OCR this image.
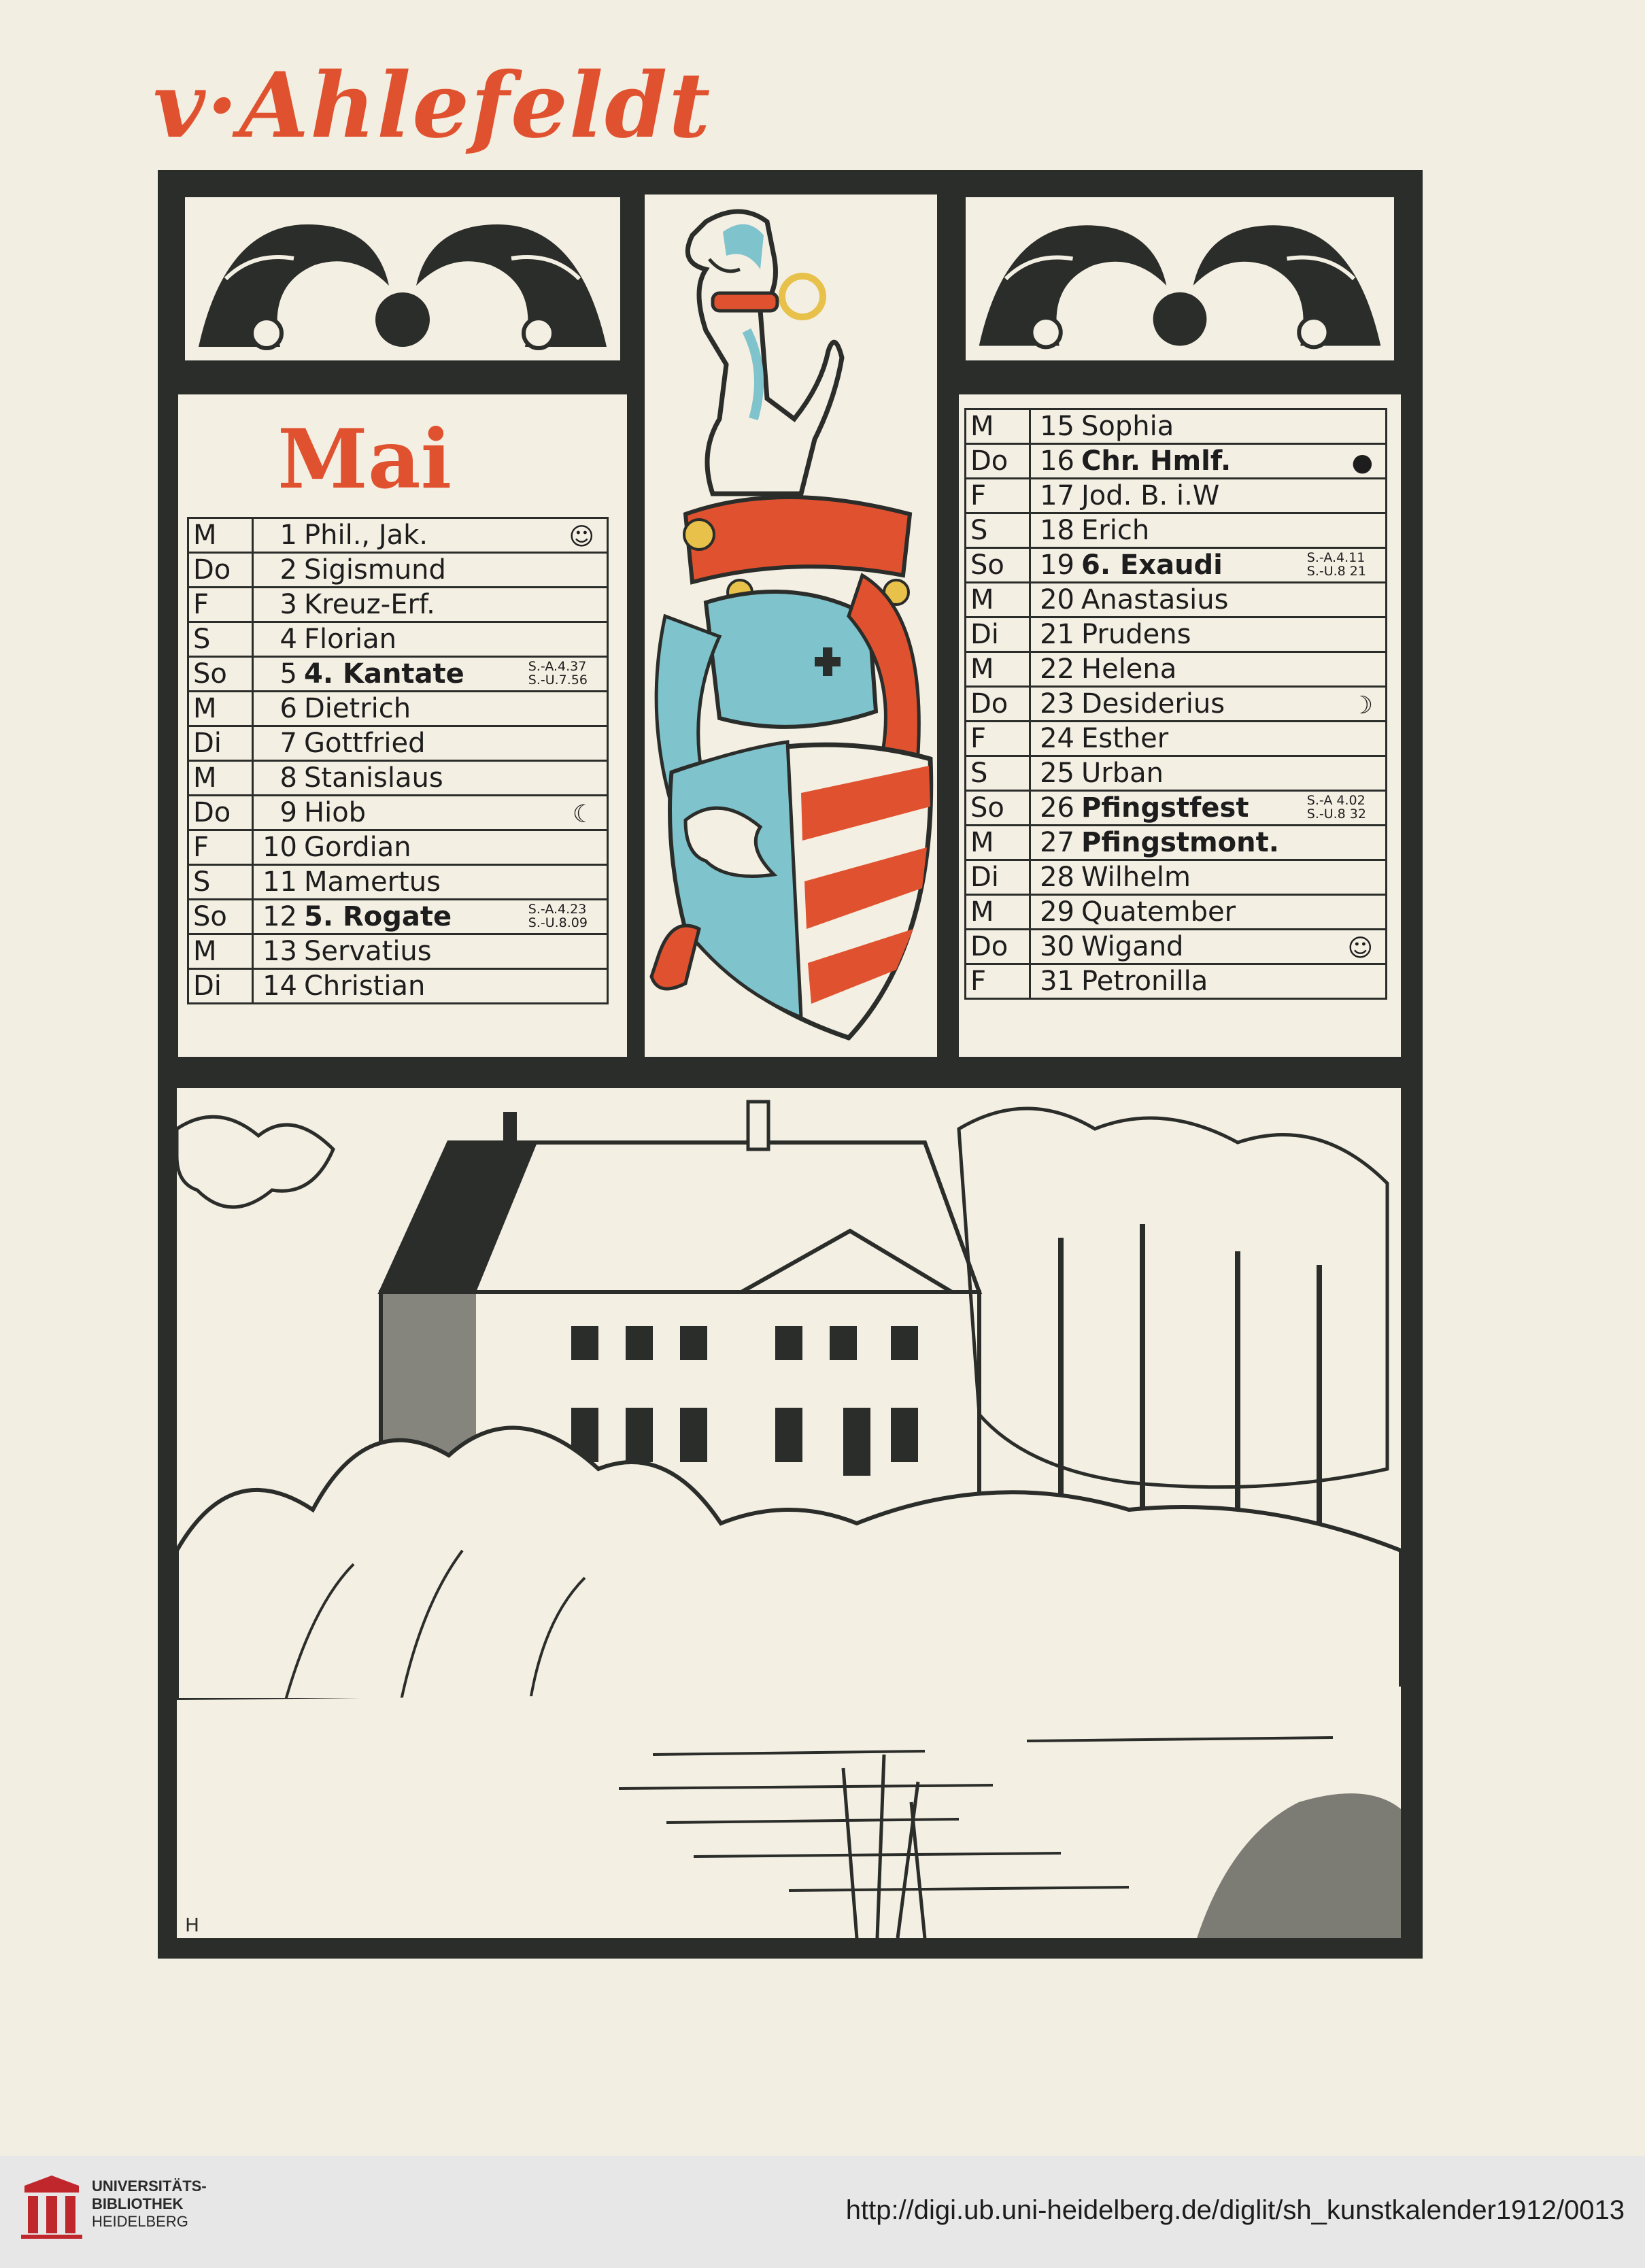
v·Ahlefeldt
Mai
M	1 Phil., Jak. ☺

Do	2 Sigismund
F	3 Kreuz-Erf.
S	4 Florian
So	5 4. Kantate S.-A.4.37
S.-U.7.56

M	6 Dietrich
Di	7 Gottfried
M	8 Stanislaus
Do	9 Hiob ☾

F	10 Gordian
S	11 Mamertus
So	12 5. Rogate S.-A.4.23
S.-U.8.09

M	13 Servatius
Di	14 Christian
M	15 Sophia
Do	16 Chr. Hmlf. ●

F	17 Jod. B. i.W
S	18 Erich
So	19 6. Exaudi S.-A.4.11
S.-U.8 21

M	20 Anastasius
Di	21 Prudens
M	22 Helena
Do	23 Desiderius ☽

F	24 Esther
S	25 Urban
So	26 Pfingstfest S.-A 4.02
S.-U.8 32

M	27 Pfingstmont.
Di	28 Wilhelm
M	29 Quatember
Do	30 Wigand ☺

F	31 Petronilla
H
UNIVERSITÄTS-
BIBLIOTHEK
HEIDELBERG	http://digi.ub.uni-heidelberg.de/diglit/sh_kunstkalender1912/0013
